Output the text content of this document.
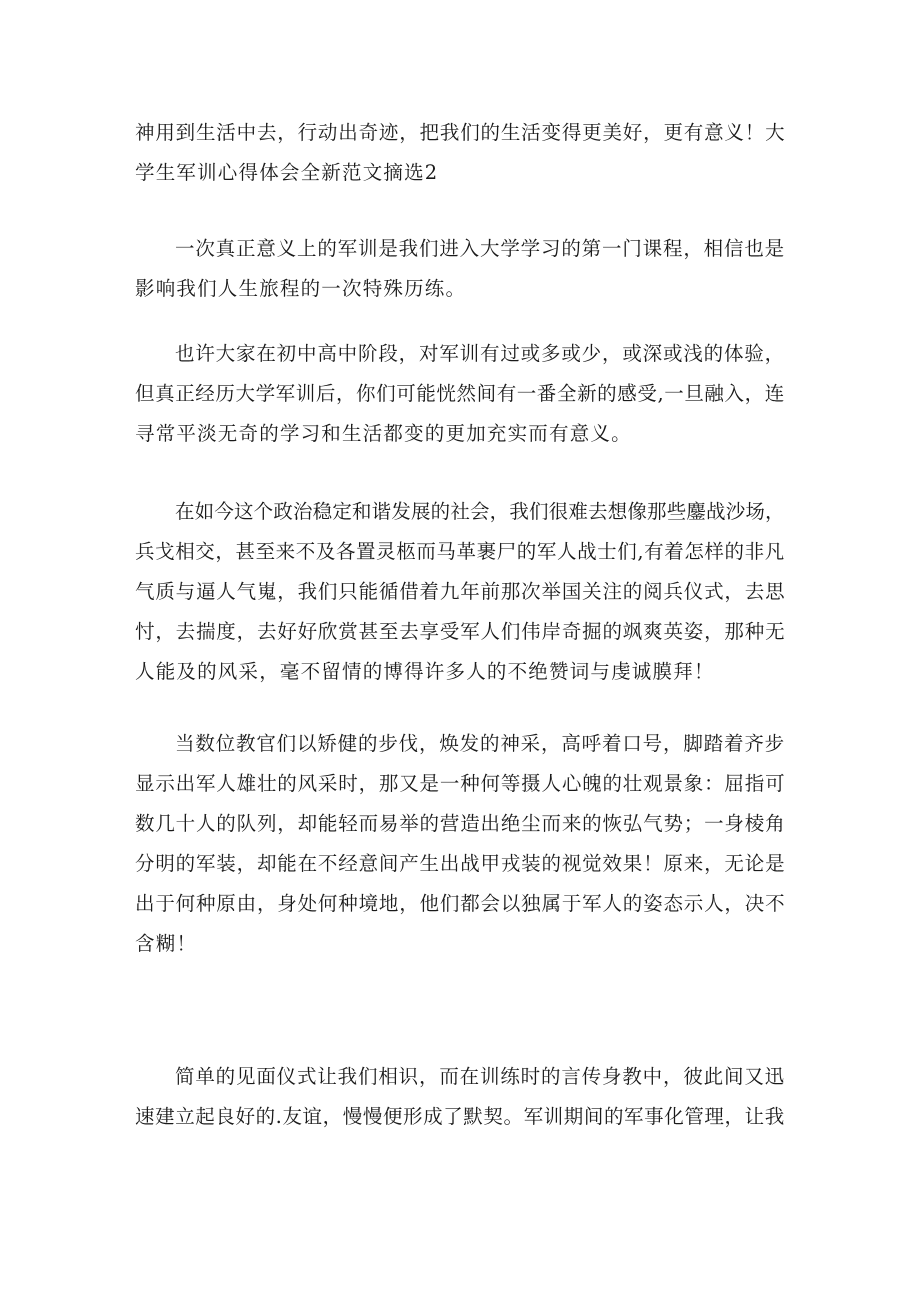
神用到生活中去，行动出奇迹，把我们的生活变得更美好，更有意义！大
学生军训心得体会全新范文摘选2
一次真正意义上的军训是我们进入大学学习的第一门课程，相信也是
影响我们人生旅程的一次特殊历练。
也许大家在初中高中阶段，对军训有过或多或少，或深或浅的体验，
但真正经历大学军训后，你们可能恍然间有一番全新的感受,一旦融入，连
寻常平淡无奇的学习和生活都变的更加充实而有意义。
在如今这个政治稳定和谐发展的社会，我们很难去想像那些鏖战沙场，
兵戈相交，甚至来不及各置灵柩而马革裹尸的军人战士们,有着怎样的非凡
气质与逼人气嵬，我们只能循借着九年前那次举国关注的阅兵仪式，去思
忖，去揣度，去好好欣赏甚至去享受军人们伟岸奇掘的飒爽英姿，那种无
人能及的风采，毫不留情的博得许多人的不绝赞词与虔诚膜拜！
当数位教官们以矫健的步伐，焕发的神采，高呼着口号，脚踏着齐步
显示出军人雄壮的风采时，那又是一种何等摄人心魄的壮观景象：屈指可
数几十人的队列，却能轻而易举的营造出绝尘而来的恢弘气势；一身棱角
分明的军装，却能在不经意间产生出战甲戎装的视觉效果！原来，无论是
出于何种原由，身处何种境地，他们都会以独属于军人的姿态示人，决不
含糊！
简单的见面仪式让我们相识，而在训练时的言传身教中，彼此间又迅
速建立起良好的.友谊，慢慢便形成了默契。军训期间的军事化管理，让我
